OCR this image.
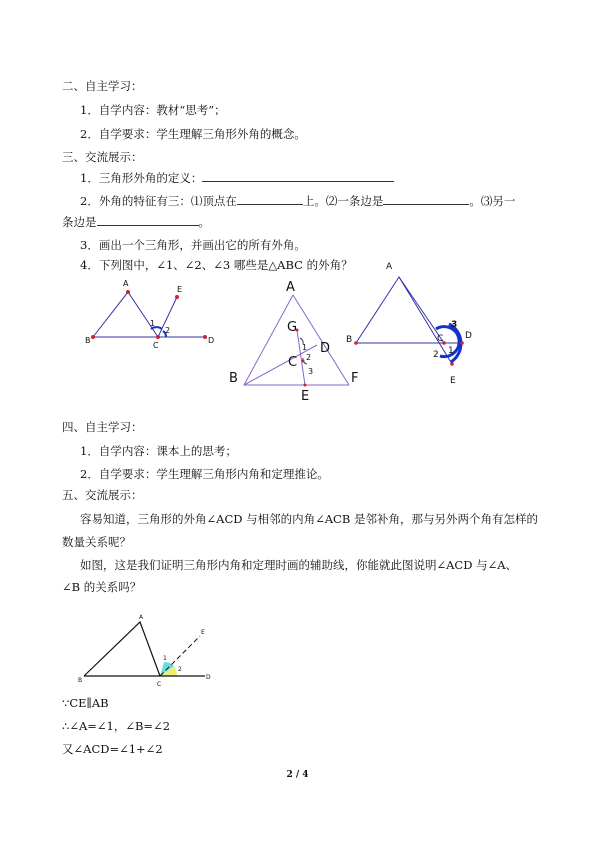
二、自主学习：
1．自学内容：教材“思考”；
2．自学要求：学生理解三角形外角的概念。
三、交流展示：
1．三角形外角的定义：
2．外角的特征有三：⑴顶点在	上。⑵一条边是	。⑶另一
条边是	。
3．画出一个三角形，并画出它的所有外角。
4．下列图中，∠1、∠2、∠3 哪些是△ABC 的外角？
A
B
C
D
E
1
2
A
B
C
D
E
F
G
1
2
3
A
B	C D
E
1
2
3
四、自主学习：
1．自学内容：课本上的思考；
2．自学要求：学生理解三角形内角和定理推论。
五、交流展示：
容易知道，三角形的外角∠ACD 与相邻的内角∠ACB 是邻补角，那与另外两个角有怎样的
数量关系呢？
如图，这是我们证明三角形内角和定理时画的辅助线，你能就此图说明∠ACD 与∠A、
∠B 的关系吗？
A
B
C
D
E
1
2
∵CE∥AB
∴∠A=∠1，∠B=∠2
又∠ACD=∠1+∠2
2 / 4
